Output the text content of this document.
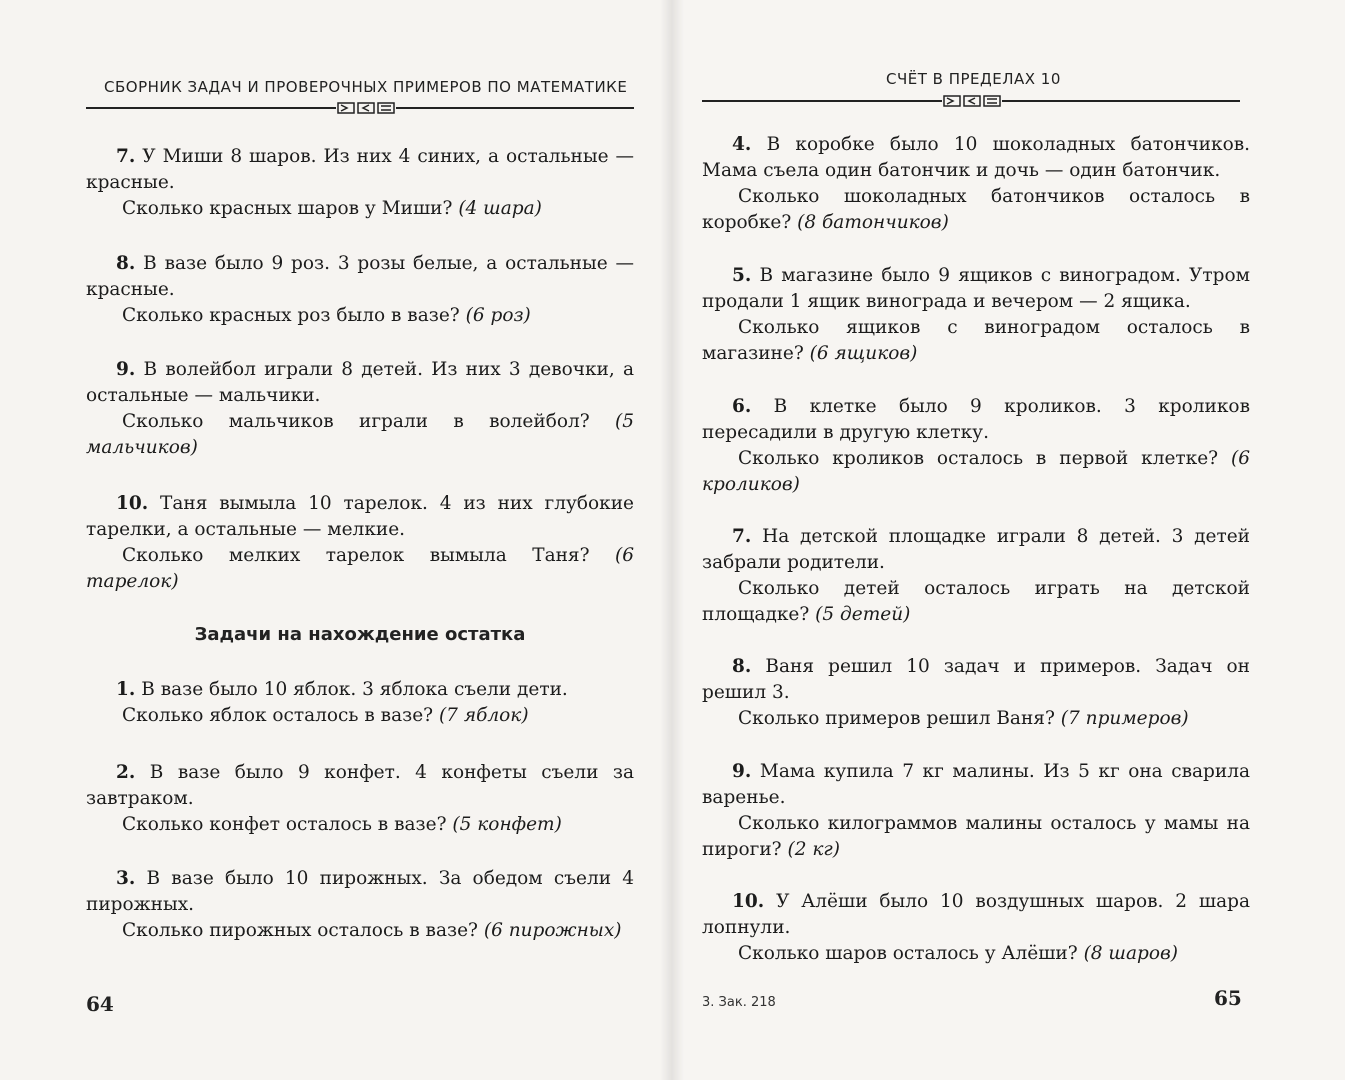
СБОРНИК ЗАДАЧ И ПРОВЕРОЧНЫХ ПРИМЕРОВ ПО МАТЕМАТИКЕ

7. У Миши 8 шаров. Из них 4 синих, а остальные — красные.

Сколько красных шаров у Миши? (4 шара)

8. В вазе было 9 роз. 3 розы белые, а остальные — красные.

Сколько красных роз было в вазе? (6 роз)

9. В волейбол играли 8 детей. Из них 3 девочки, а остальные — мальчики.

Сколько мальчиков играли в волейбол? (5 мальчиков)

10. Таня вымыла 10 тарелок. 4 из них глубокие тарелки, а остальные — мелкие.

Сколько мелких тарелок вымыла Таня? (6 тарелок)

Задачи на нахождение остатка

1. В вазе было 10 яблок. 3 яблока съели дети.

Сколько яблок осталось в вазе? (7 яблок)

2. В вазе было 9 конфет. 4 конфеты съели за завтраком.

Сколько конфет осталось в вазе? (5 конфет)

3. В вазе было 10 пирожных. За обедом съели 4 пирожных.

Сколько пирожных осталось в вазе? (6 пирожных)

64
СЧЁТ В ПРЕДЕЛАХ 10

4. В коробке было 10 шоколадных батончиков. Мама съела один батончик и дочь — один батончик.

Сколько шоколадных батончиков осталось в коробке? (8 батончиков)

5. В магазине было 9 ящиков с виноградом. Утром продали 1 ящик винограда и вечером — 2 ящика.

Сколько ящиков с виноградом осталось в магазине? (6 ящиков)

6. В клетке было 9 кроликов. 3 кроликов пересадили в другую клетку.

Сколько кроликов осталось в первой клетке? (6 кроликов)

7. На детской площадке играли 8 детей. 3 детей забрали родители.

Сколько детей осталось играть на детской площадке? (5 детей)

8. Ваня решил 10 задач и примеров. Задач он решил 3.

Сколько примеров решил Ваня? (7 примеров)

9. Мама купила 7 кг малины. Из 5 кг она сварила варенье.

Сколько килограммов малины осталось у мамы на пироги? (2 кг)

10. У Алёши было 10 воздушных шаров. 2 шара лопнули.

Сколько шаров осталось у Алёши? (8 шаров)

3. Зак. 218	65
